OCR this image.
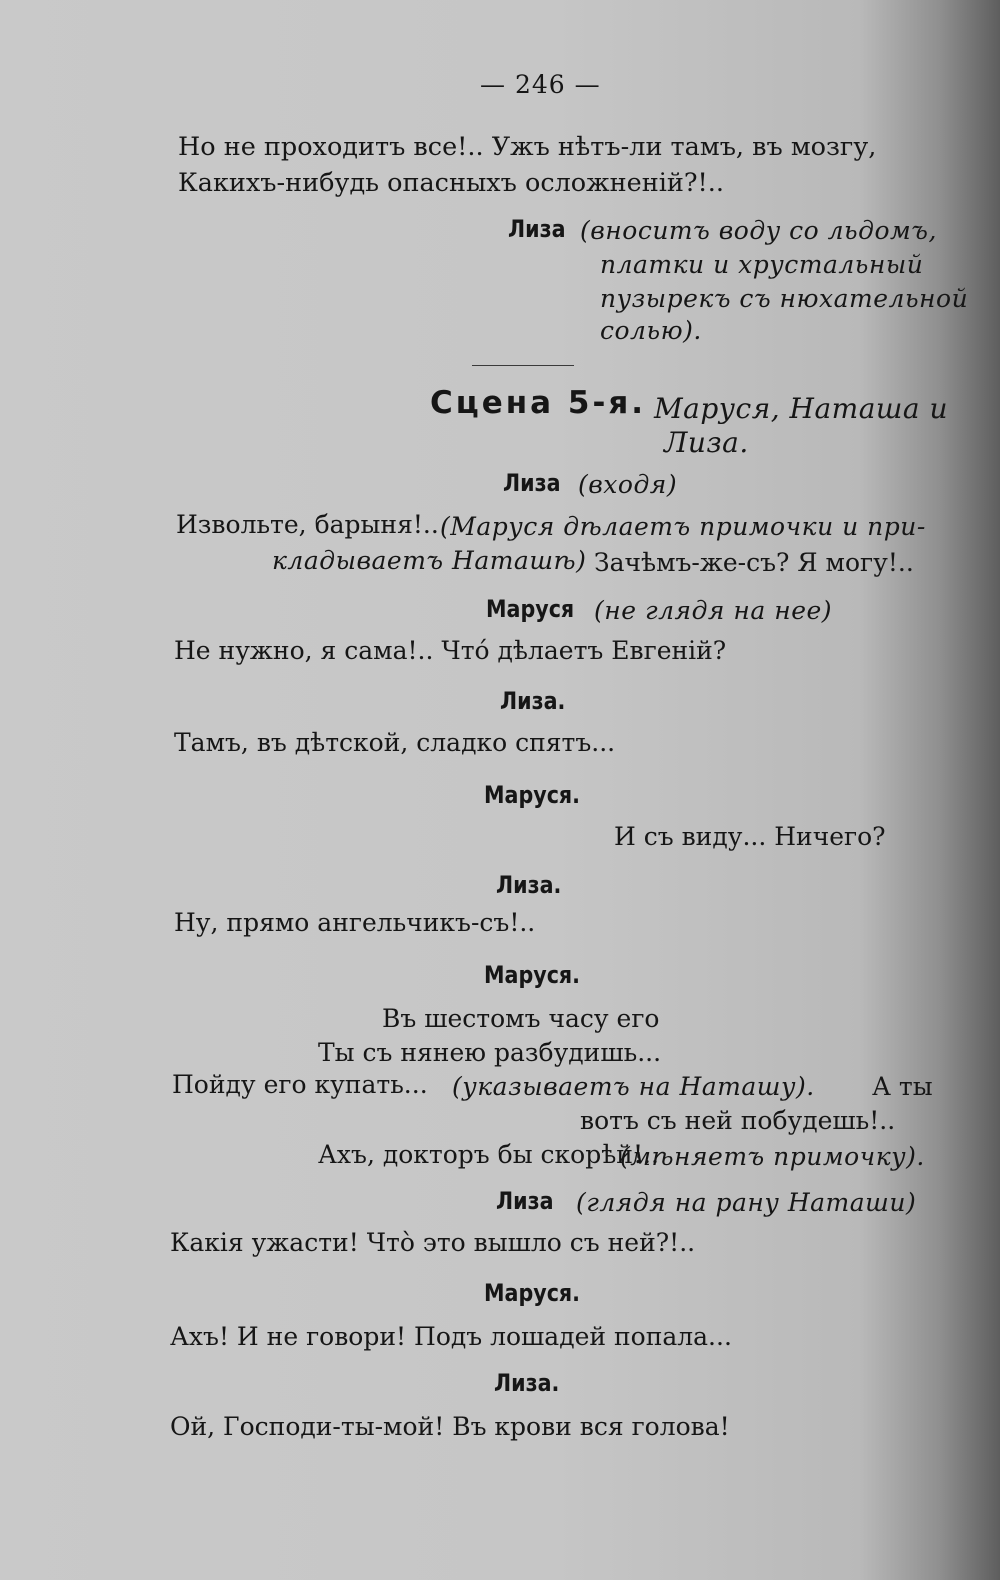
— 246 —
Но не проходитъ все!.. Ужъ нѣтъ-ли тамъ, въ мозгу,
Какихъ-нибудь опасныхъ осложненій?!..
Лиза (вноситъ воду со льдомъ,
платки и хрустальный
пузырекъ съ нюхательной
солью).
Сцена 5-я. Маруся, Наташа и
Лиза.
Лиза (входя)
Извольте, барыня!.. (Маруся дѣлаетъ примочки и при-
кладываетъ Наташѣ) Зачѣмъ-же-съ? Я могу!..
Маруся (не глядя на нее)
Не нужно, я сама!.. Что́ дѣлаетъ Евгеній?
Лиза.
Тамъ, въ дѣтской, сладко спятъ...
Маруся.
И съ виду... Ничего?
Лиза.
Ну, прямо ангельчикъ-съ!..
Маруся.
Въ шестомъ часу его
Ты съ нянею разбудишь...
Пойду его купать... (указываетъ на Наташу). А ты
вотъ съ ней побудешь!..
Ахъ, докторъ бы скорѣй!..
(мѣняетъ примочку).
Лиза (глядя на рану Наташи)
Какія ужасти! Что̀ это вышло съ ней?!..
Маруся.
Ахъ! И не говори! Подъ лошадей попала...
Лиза.
Ой, Господи-ты-мой! Въ крови вся голова!
